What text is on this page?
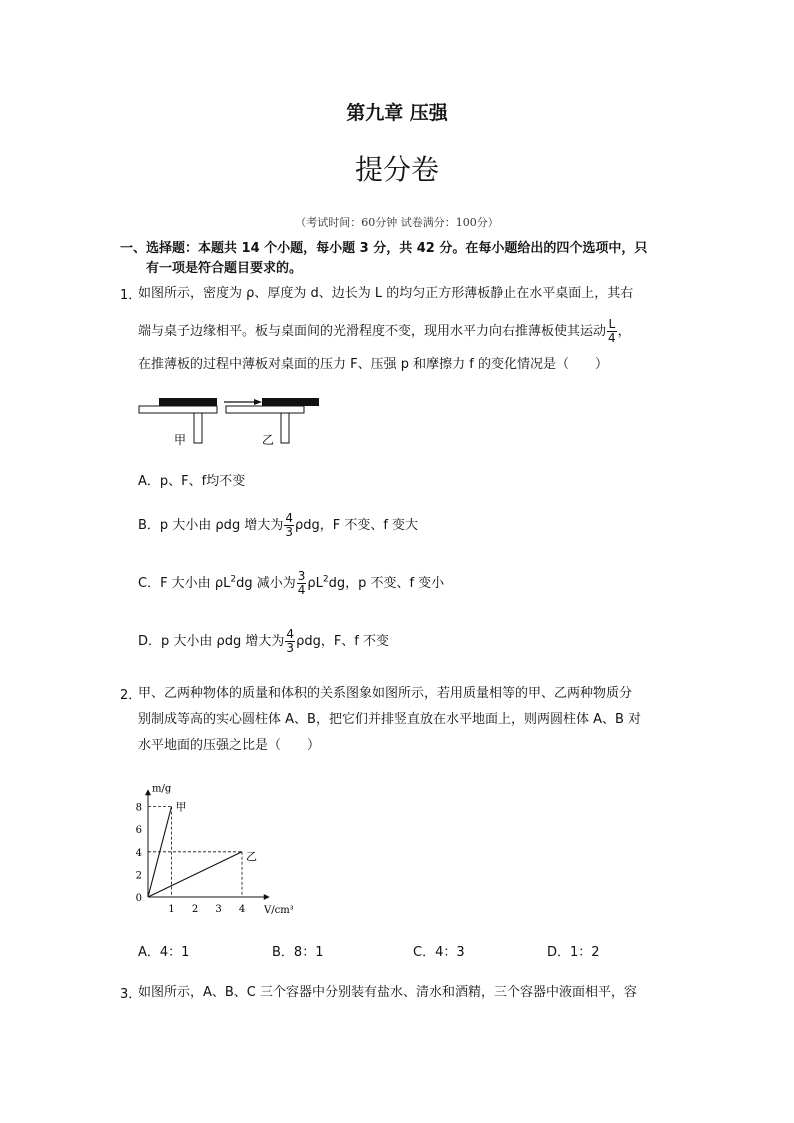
第九章 压强
提分卷
（考试时间：60分钟 试卷满分：100分）
一、选择题：本题共 14 个小题，每小题 3 分，共 42 分。在每小题给出的四个选项中，只
有一项是符合题目要求的。
1．
如图所示，密度为 ρ、厚度为 d、边长为 L 的均匀正方形薄板静止在水平桌面上，其右
端与桌子边缘相平。板与桌面间的光滑程度不变，现用水平力向右推薄板使其运动 $\frac{L}{4}$ ，
在推薄板的过程中薄板对桌面的压力 F、压强 p 和摩擦力 f 的变化情况是（　　）
甲	乙
A．p、F、f均不变
B．p 大小由 ρdg 增大为 $\frac{4}{3}$ ρdg，F 不变、f 变大
C．F 大小由 $\rho L^2dg$ 减小为 $\frac{3}{4} \rho L^2dg$，p 不变、f 变小
D．p 大小由 ρdg 增大为 $\frac{4}{3}$ ρdg，F、f 不变
2．
甲、乙两种物体的质量和体积的关系图象如图所示，若用质量相等的甲、乙两种物质分
别制成等高的实心圆柱体 A、B，把它们并排竖直放在水平地面上，则两圆柱体 A、B 对
水平地面的压强之比是（　　）
m/g
V/cm³
0
2
4
6
8
1 2 3 4
甲
乙
A．4：1	B．8：1	C．4：3	D．1：2
3．
如图所示，A、B、C 三个容器中分别装有盐水、清水和酒精，三个容器中液面相平，容
